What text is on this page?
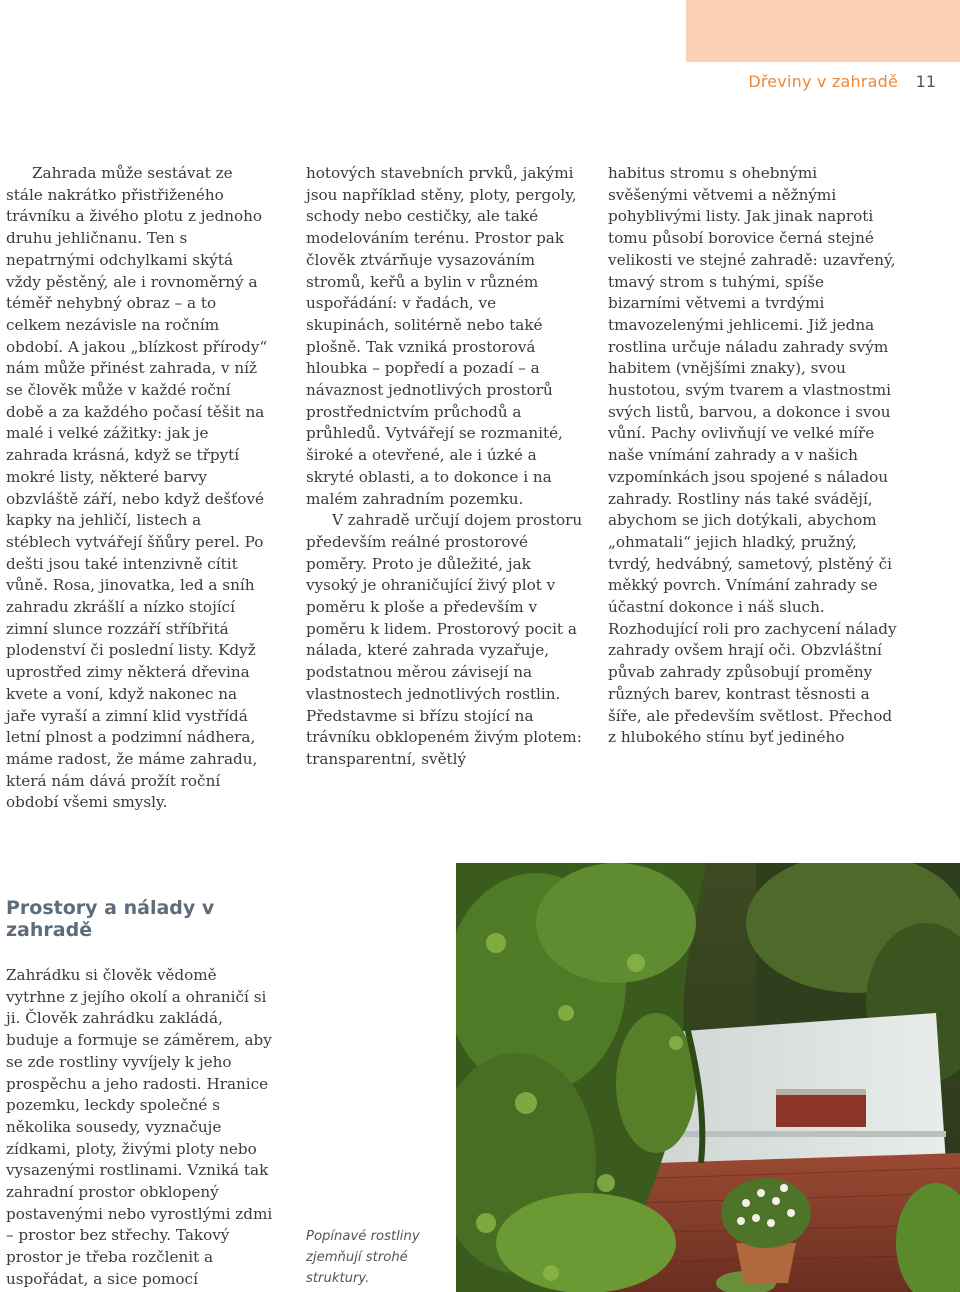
Dřeviny v zahradě 11

Zahrada může sestávat ze stále nakrátko přistřiženého trávníku a živého plotu z jednoho druhu jehličnanu. Ten s nepatrnými odchylkami skýtá vždy pěstěný, ale i rovnoměrný a téměř nehybný obraz – a to celkem nezávisle na ročním období. A jakou „blízkost přírody“ nám může přinést zahrada, v níž se člověk může v každé roční době a za každého počasí těšit na malé i velké zážitky: jak je zahrada krásná, když se třpytí mokré listy, některé barvy obzvláště září, nebo když dešťové kapky na jehličí, listech a stéblech vytvářejí šňůry perel. Po dešti jsou také intenzivně cítit vůně. Rosa, jinovatka, led a sníh zahradu zkrášlí a nízko stojící zimní slunce rozzáří stříbřitá plodenství či poslední listy. Když uprostřed zimy některá dřevina kvete a voní, když nakonec na jaře vyraší a zimní klid vystřídá letní plnost a podzimní nádhera, máme radost, že máme zahradu, která nám dává prožít roční období všemi smysly.

hotových stavebních prvků, jakými jsou například stěny, ploty, pergoly, schody nebo cestičky, ale také modelováním terénu. Prostor pak člověk ztvárňuje vysazováním stromů, keřů a bylin v různém uspořádání: v řadách, ve skupinách, solitérně nebo také plošně. Tak vzniká prostorová hloubka – popředí a pozadí – a návaznost jednotlivých prostorů prostřednictvím průchodů a průhledů. Vytvářejí se rozmanité, široké a otevřené, ale i úzké a skryté oblasti, a to dokonce i na malém zahradním pozemku.

V zahradě určují dojem prostoru především reálné prostorové poměry. Proto je důležité, jak vysoký je ohraničující živý plot v poměru k ploše a především v poměru k lidem. Prostorový pocit a nálada, které zahrada vyzařuje, podstatnou měrou závisejí na vlastnostech jednotlivých rostlin. Představme si břízu stojící na trávníku obklopeném živým plotem: transparentní, světlý

habitus stromu s ohebnými svěšenými větvemi a něžnými pohyblivými listy. Jak jinak naproti tomu působí borovice černá stejné velikosti ve stejné zahradě: uzavřený, tmavý strom s tuhými, spíše bizarními větvemi a tvrdými tmavozelenými jehlicemi. Již jedna rostlina určuje náladu zahrady svým habitem (vnějšími znaky), svou hustotou, svým tvarem a vlastnostmi svých listů, barvou, a dokonce i svou vůní. Pachy ovlivňují ve velké míře naše vnímání zahrady a v našich vzpomínkách jsou spojené s náladou zahrady. Rostliny nás také svádějí, abychom se jich dotýkali, abychom „ohmatali“ jejich hladký, pružný, tvrdý, hedvábný, sametový, plstěný či měkký povrch. Vnímání zahrady se účastní dokonce i náš sluch. Rozhodující roli pro zachycení nálady zahrady ovšem hrají oči. Obzvláštní půvab zahrady způsobují proměny různých barev, kontrast těsnosti a šíře, ale především světlost. Přechod z hlubokého stínu byť jediného

Prostory a nálady v zahradě

Zahrádku si člověk vědomě vytrhne z jejího okolí a ohraničí si ji. Člověk zahrádku zakládá, buduje a formuje se záměrem, aby se zde rostliny vyvíjely k jeho prospěchu a jeho radosti. Hranice pozemku, leckdy společné s několika sousedy, vyznačuje zídkami, ploty, živými ploty nebo vysazenými rostlinami. Vzniká tak zahradní prostor obklopený postavenými nebo vyrostlými zdmi – prostor bez střechy. Takový prostor je třeba rozčlenit a uspořádat, a sice pomocí

Popínavé rostliny zjemňují strohé struktury.
